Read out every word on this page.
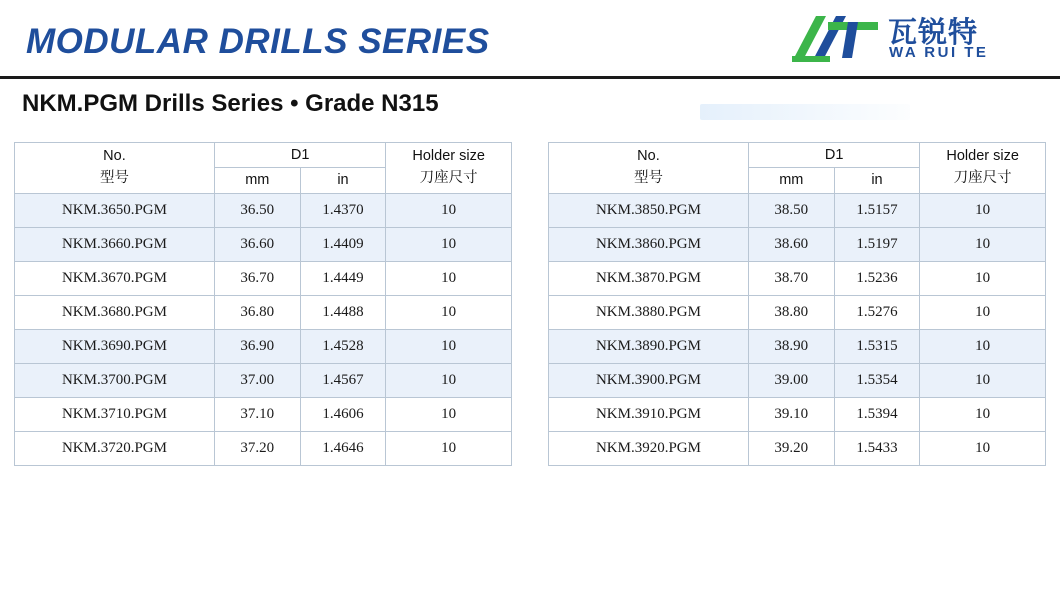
MODULAR DRILLS SERIES	瓦锐特
WA RUI TE
NKM.PGM Drills Series • Grade N315
No.
型号	D1		Holder size
刀座尺寸
	mm	in	
NKM.3650.PGM	36.50	1.4370	10
NKM.3660.PGM	36.60	1.4409	10
NKM.3670.PGM	36.70	1.4449	10
NKM.3680.PGM	36.80	1.4488	10
NKM.3690.PGM	36.90	1.4528	10
NKM.3700.PGM	37.00	1.4567	10
NKM.3710.PGM	37.10	1.4606	10
NKM.3720.PGM	37.20	1.4646	10
No.
型号	D1		Holder size
刀座尺寸
	mm	in	
NKM.3850.PGM	38.50	1.5157	10
NKM.3860.PGM	38.60	1.5197	10
NKM.3870.PGM	38.70	1.5236	10
NKM.3880.PGM	38.80	1.5276	10
NKM.3890.PGM	38.90	1.5315	10
NKM.3900.PGM	39.00	1.5354	10
NKM.3910.PGM	39.10	1.5394	10
NKM.3920.PGM	39.20	1.5433	10
